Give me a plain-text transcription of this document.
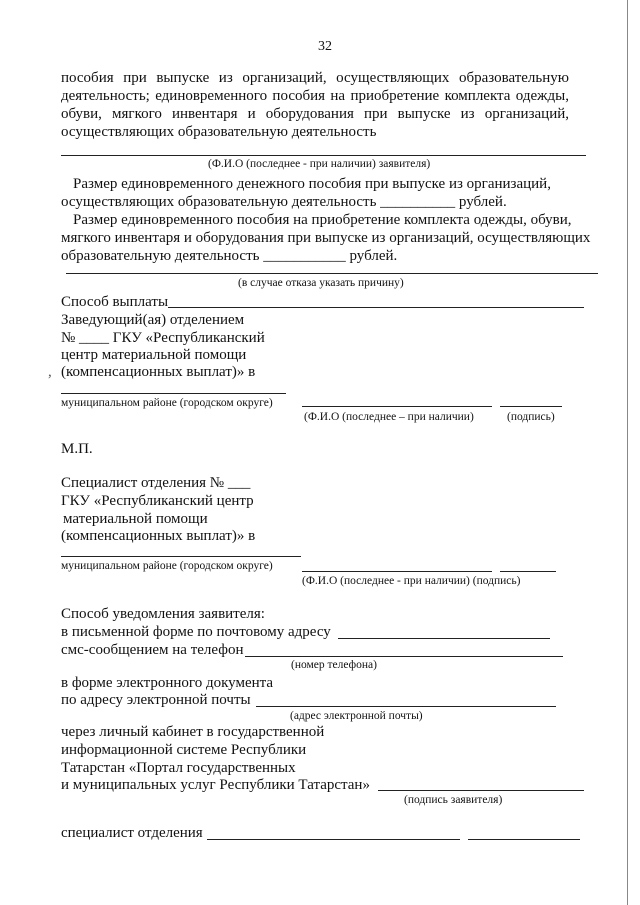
32
пособия при выпуске из организаций, осуществляющих образовательную
деятельность; единовременного пособия на приобретение комплекта одежды,
обуви, мягкого инвентаря и оборудования при выпуске из организаций,
осуществляющих образовательную деятельность
(Ф.И.О (последнее - при наличии) заявителя)
Размер единовременного денежного пособия при выпуске из организаций,
осуществляющих образовательную деятельность __________ рублей.
Размер единовременного пособия на приобретение комплекта одежды, обуви,
мягкого инвентаря и оборудования при выпуске из организаций, осуществляющих
образовательную деятельность ___________ рублей.
(в случае отказа указать причину)
Способ выплаты
Заведующий(ая) отделением
№ ____ ГКУ «Республиканский
центр материальной помощи
(компенсационных выплат)» в
,
муниципальном районе (городском округе)
(Ф.И.О (последнее – при наличии)	(подпись)
М.П.
Специалист отделения № ___
ГКУ «Республиканский центр
материальной помощи
(компенсационных выплат)» в
муниципальном районе (городском округе)
(Ф.И.О (последнее - при наличии) (подпись)
Способ уведомления заявителя:
в письменной форме по почтовому адресу
смс-сообщением на телефон
(номер телефона)
в форме электронного документа
по адресу электронной почты
(адрес электронной почты)
через личный кабинет в государственной
информационной системе Республики
Татарстан «Портал государственных
и муниципальных услуг Республики Татарстан»
(подпись заявителя)
специалист отделения
